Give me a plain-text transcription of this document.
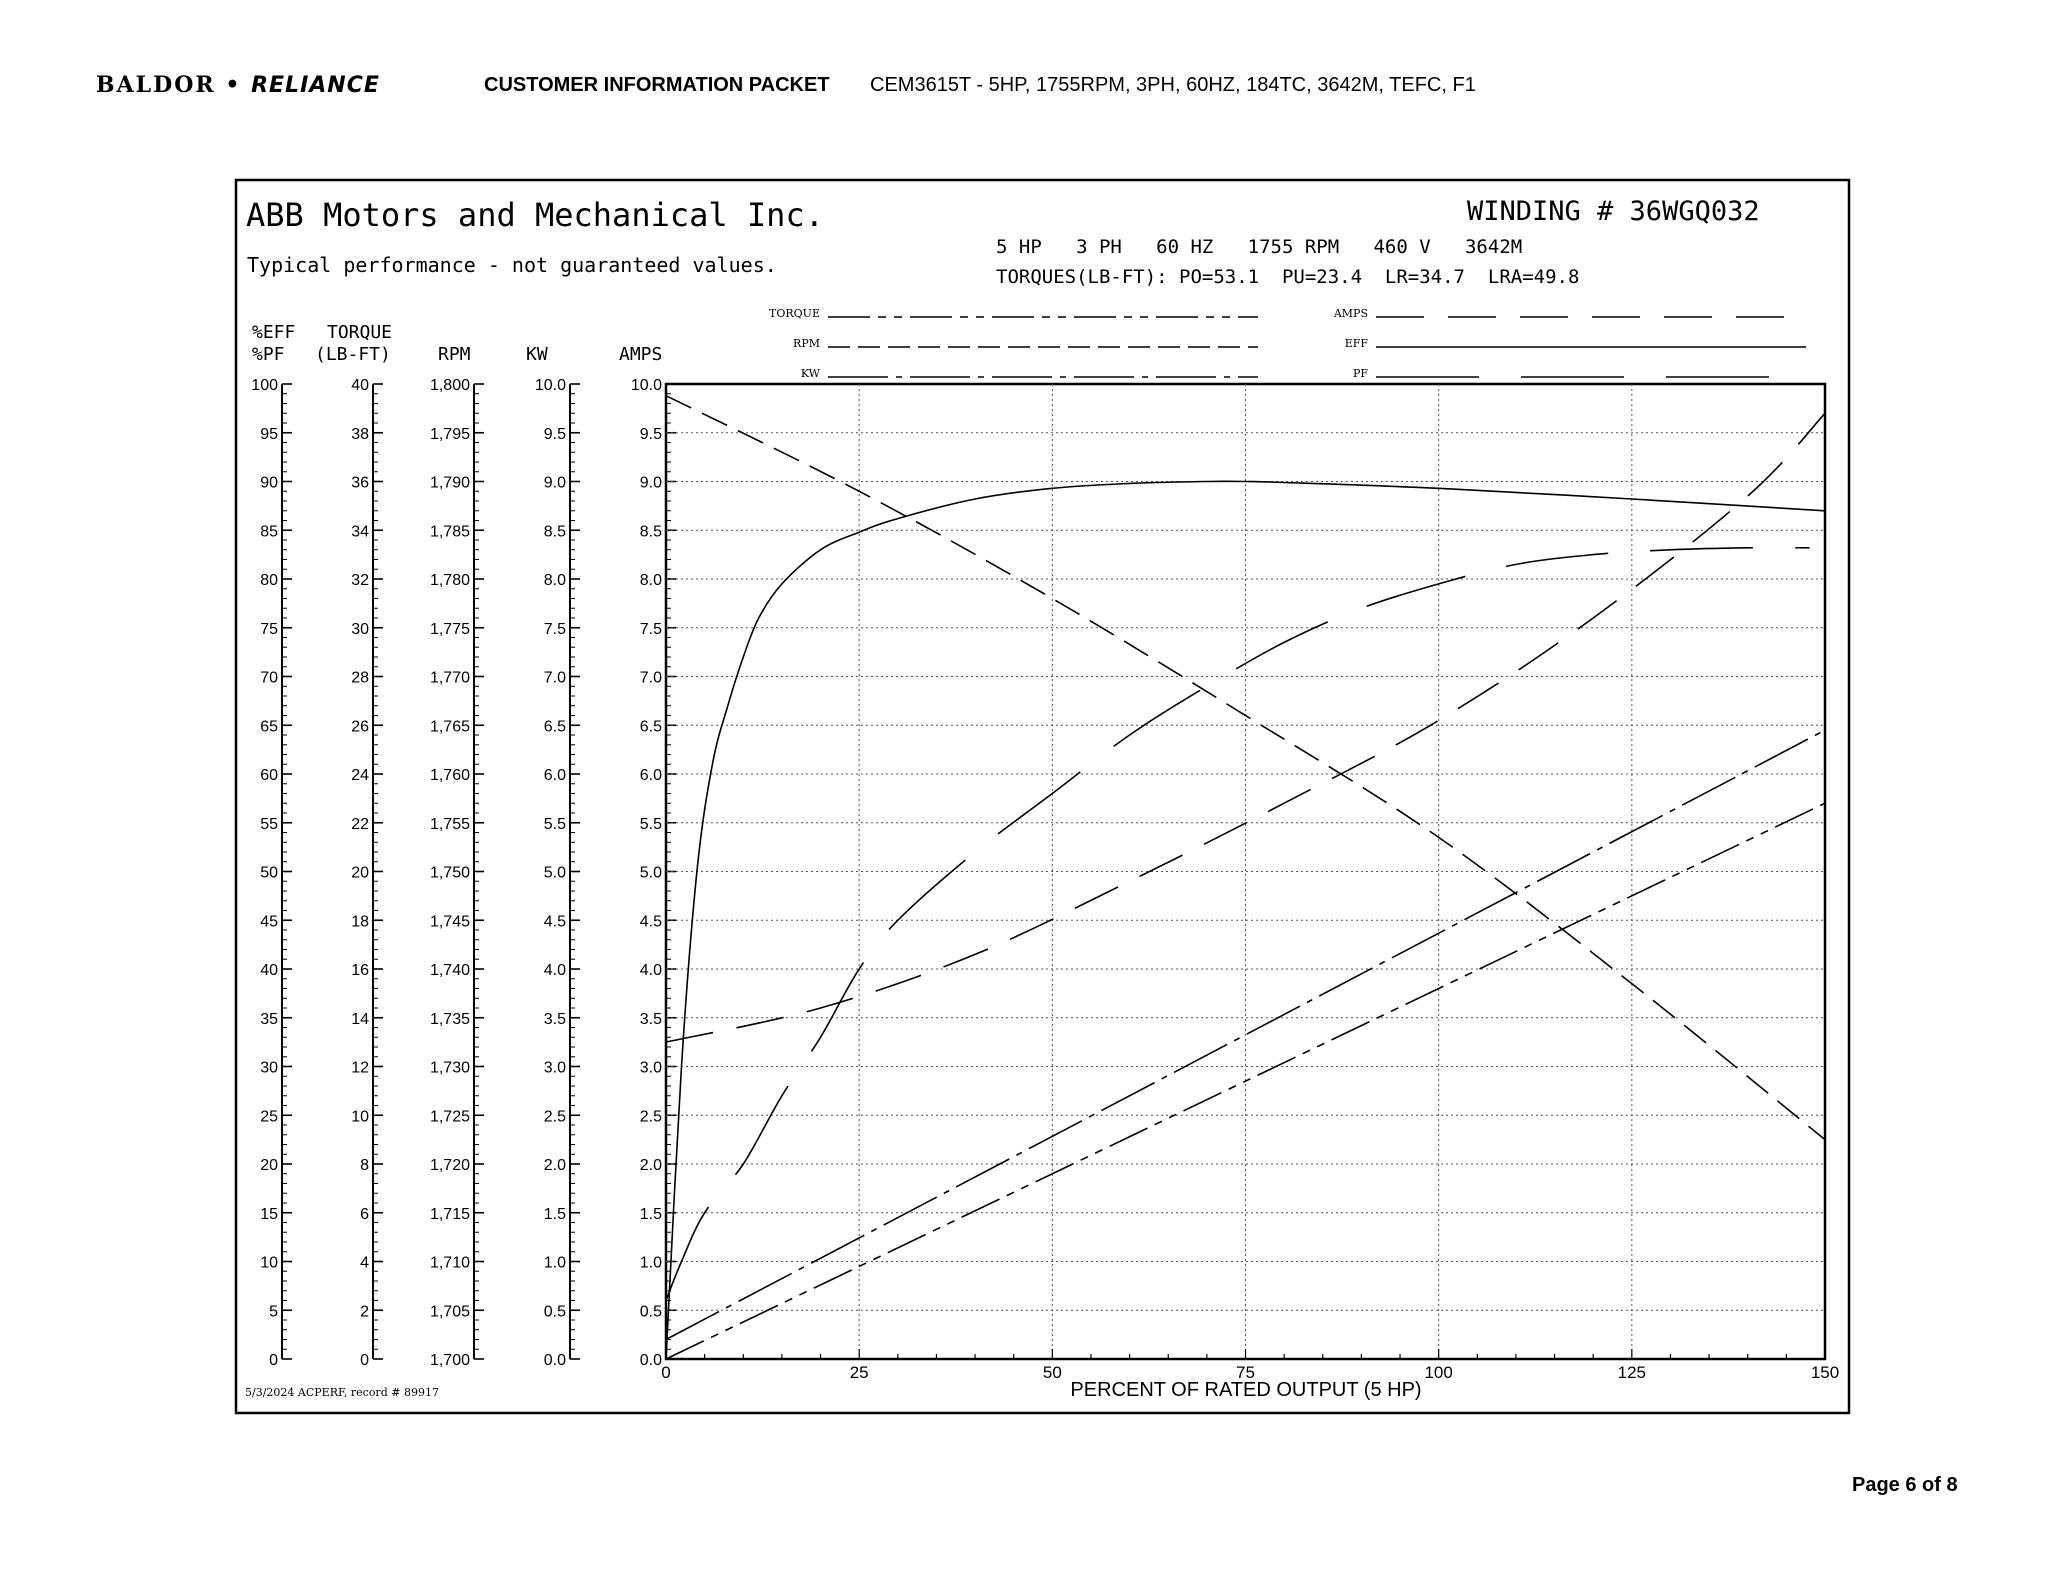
BALDOR • RELIANCE	CUSTOMER INFORMATION PACKET CEM3615T - 5HP, 1755RPM, 3PH, 60HZ, 184TC, 3642M, TEFC, F1
ABB Motors and Mechanical Inc.
Typical performance - not guaranteed values.
WINDING # 36WGQ032
5 HP   3 PH   60 HZ   1755 RPM   460 V   3642M
TORQUES(LB-FT): PO=53.1  PU=23.4  LR=34.7  LRA=49.8
TORQUE
RPM
KW
AMPS
EFF
PF
%EFF
%PF
TORQUE
(LB-FT)	RPM	KW	AMPS
100
95
90
85
80
75
70
65
60
55
50
45
40
35
30
25
20
15
10
5
0
40
38
36
34
32
30
28
26
24
22
20
18
16
14
12
10
8
6
4
2
0
1,800
1,795
1,790
1,785
1,780
1,775
1,770
1,765
1,760
1,755
1,750
1,745
1,740
1,735
1,730
1,725
1,720
1,715
1,710
1,705
1,700
10.0
9.5
9.0
8.5
8.0
7.5
7.0
6.5
6.0
5.5
5.0
4.5
4.0
3.5
3.0
2.5
2.0
1.5
1.0
0.5
0.0
10.0
9.5
9.0
8.5
8.0
7.5
7.0
6.5
6.0
5.5
5.0
4.5
4.0
3.5
3.0
2.5
2.0
1.5
1.0
0.5
0.0
0	25	50	75	100	125	150
PERCENT OF RATED OUTPUT (5 HP)
5/3/2024 ACPERF, record # 89917
Page 6 of 8
